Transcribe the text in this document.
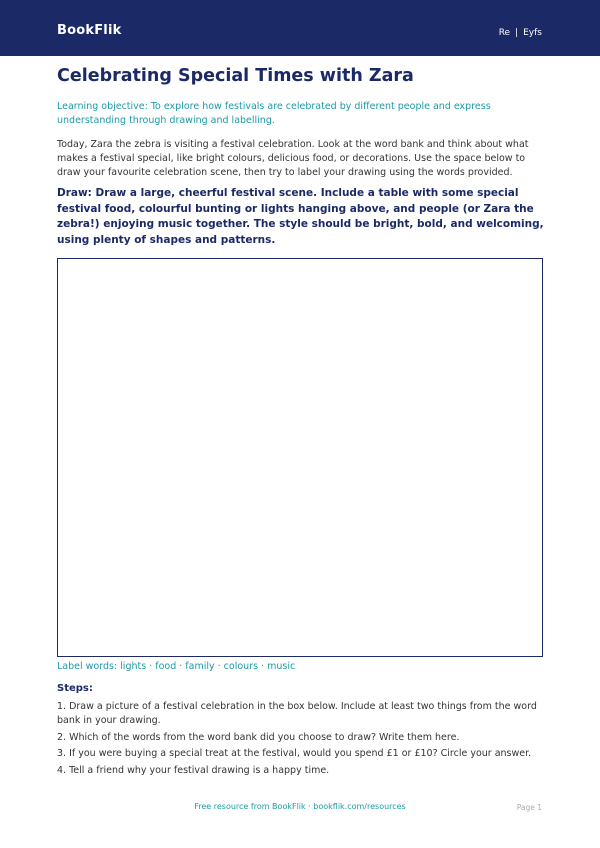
BookFlik	Re | Eyfs
Celebrating Special Times with Zara

Learning objective: To explore how festivals are celebrated by different people and express understanding through drawing and labelling.

Today, Zara the zebra is visiting a festival celebration. Look at the word bank and think about what makes a festival special, like bright colours, delicious food, or decorations. Use the space below to draw your favourite celebration scene, then try to label your drawing using the words provided.

Draw: Draw a large, cheerful festival scene. Include a table with some special festival food, colourful bunting or lights hanging above, and people (or Zara the zebra!) enjoying music together. The style should be bright, bold, and welcoming, using plenty of shapes and patterns.

Label words: lights · food · family · colours · music
Steps:
1. Draw a picture of a festival celebration in the box below. Include at least two things from the word bank in your drawing.
2. Which of the words from the word bank did you choose to draw? Write them here.
3. If you were buying a special treat at the festival, would you spend £1 or £10? Circle your answer.
4. Tell a friend why your festival drawing is a happy time.
Free resource from BookFlik · bookflik.com/resources	Page 1
